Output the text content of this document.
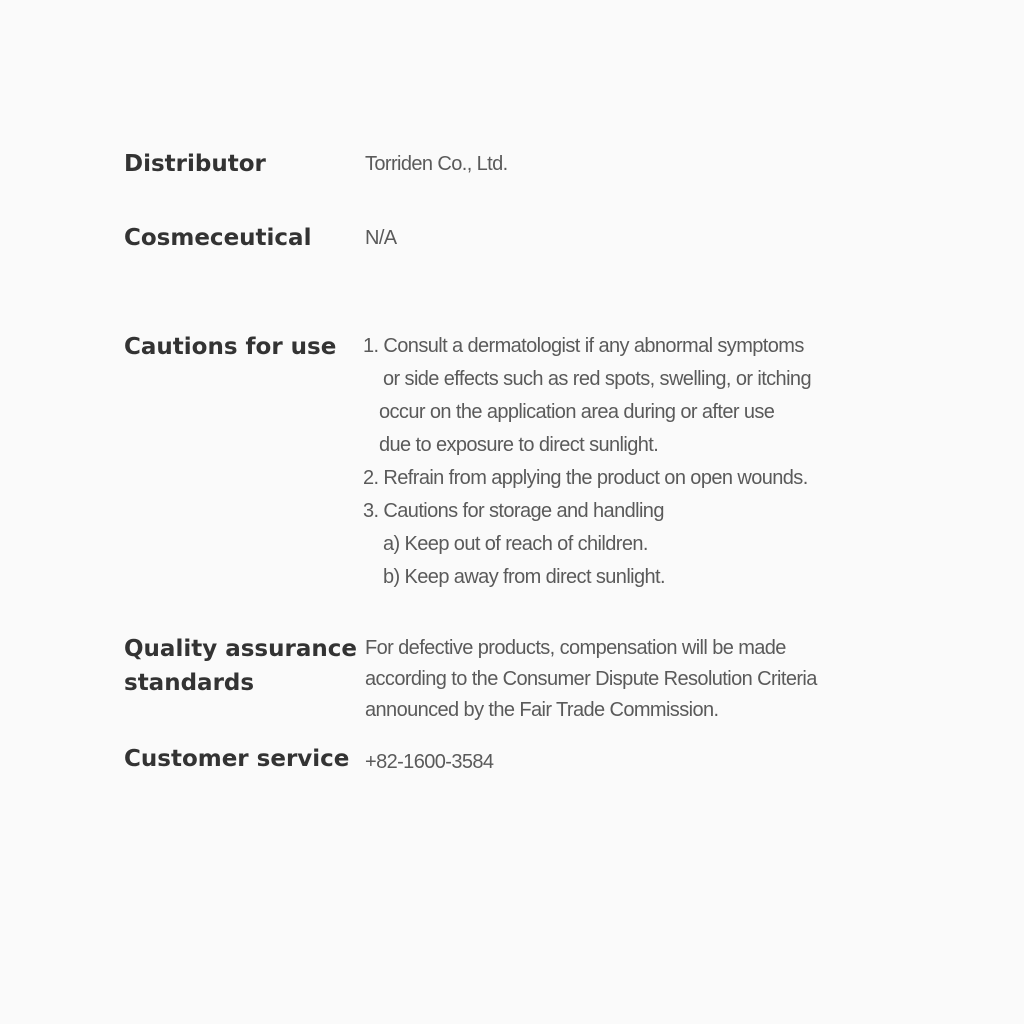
Distributor	Torriden Co., Ltd.
Cosmeceutical	N/A
Cautions for use 1. Consult a dermatologist if any abnormal symptoms
or side effects such as red spots, swelling, or itching
occur on the application area during or after use
due to exposure to direct sunlight.
2. Refrain from applying the product on open wounds.
3. Cautions for storage and handling
a) Keep out of reach of children.
b) Keep away from direct sunlight.
Quality assurance
standards
For defective products, compensation will be made
according to the Consumer Dispute Resolution Criteria
announced by the Fair Trade Commission.
Customer service +82-1600-3584
